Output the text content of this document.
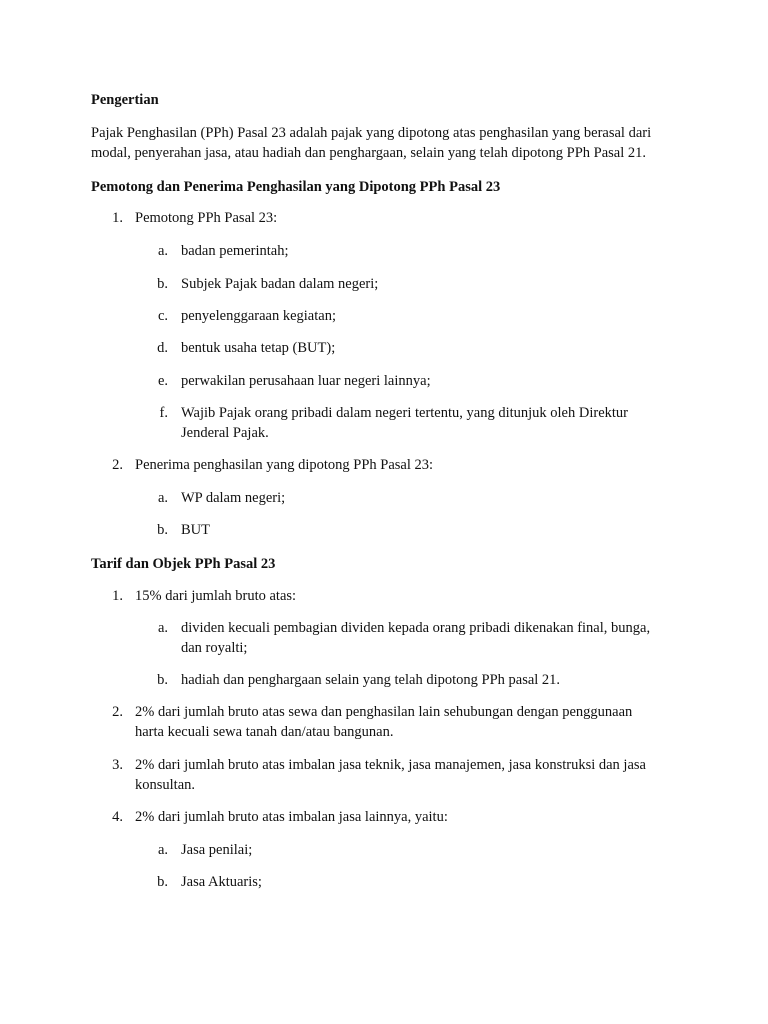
Pengertian
Pajak Penghasilan (PPh) Pasal 23 adalah pajak yang dipotong atas penghasilan yang berasal dari
modal, penyerahan jasa, atau hadiah dan penghargaan, selain yang telah dipotong PPh Pasal 21.
Pemotong dan Penerima Penghasilan yang Dipotong PPh Pasal 23
1. Pemotong PPh Pasal 23:
a. badan pemerintah;
b. Subjek Pajak badan dalam negeri;
c. penyelenggaraan kegiatan;
d. bentuk usaha tetap (BUT);
e. perwakilan perusahaan luar negeri lainnya;
f. Wajib Pajak orang pribadi dalam negeri tertentu, yang ditunjuk oleh Direktur
Jenderal Pajak.
2. Penerima penghasilan yang dipotong PPh Pasal 23:
a. WP dalam negeri;
b. BUT
Tarif dan Objek PPh Pasal 23
1. 15% dari jumlah bruto atas:
a. dividen kecuali pembagian dividen kepada orang pribadi dikenakan final, bunga,
dan royalti;
b. hadiah dan penghargaan selain yang telah dipotong PPh pasal 21.
2. 2% dari jumlah bruto atas sewa dan penghasilan lain sehubungan dengan penggunaan
harta kecuali sewa tanah dan/atau bangunan.
3. 2% dari jumlah bruto atas imbalan jasa teknik, jasa manajemen, jasa konstruksi dan jasa
konsultan.
4. 2% dari jumlah bruto atas imbalan jasa lainnya, yaitu:
a. Jasa penilai;
b. Jasa Aktuaris;
